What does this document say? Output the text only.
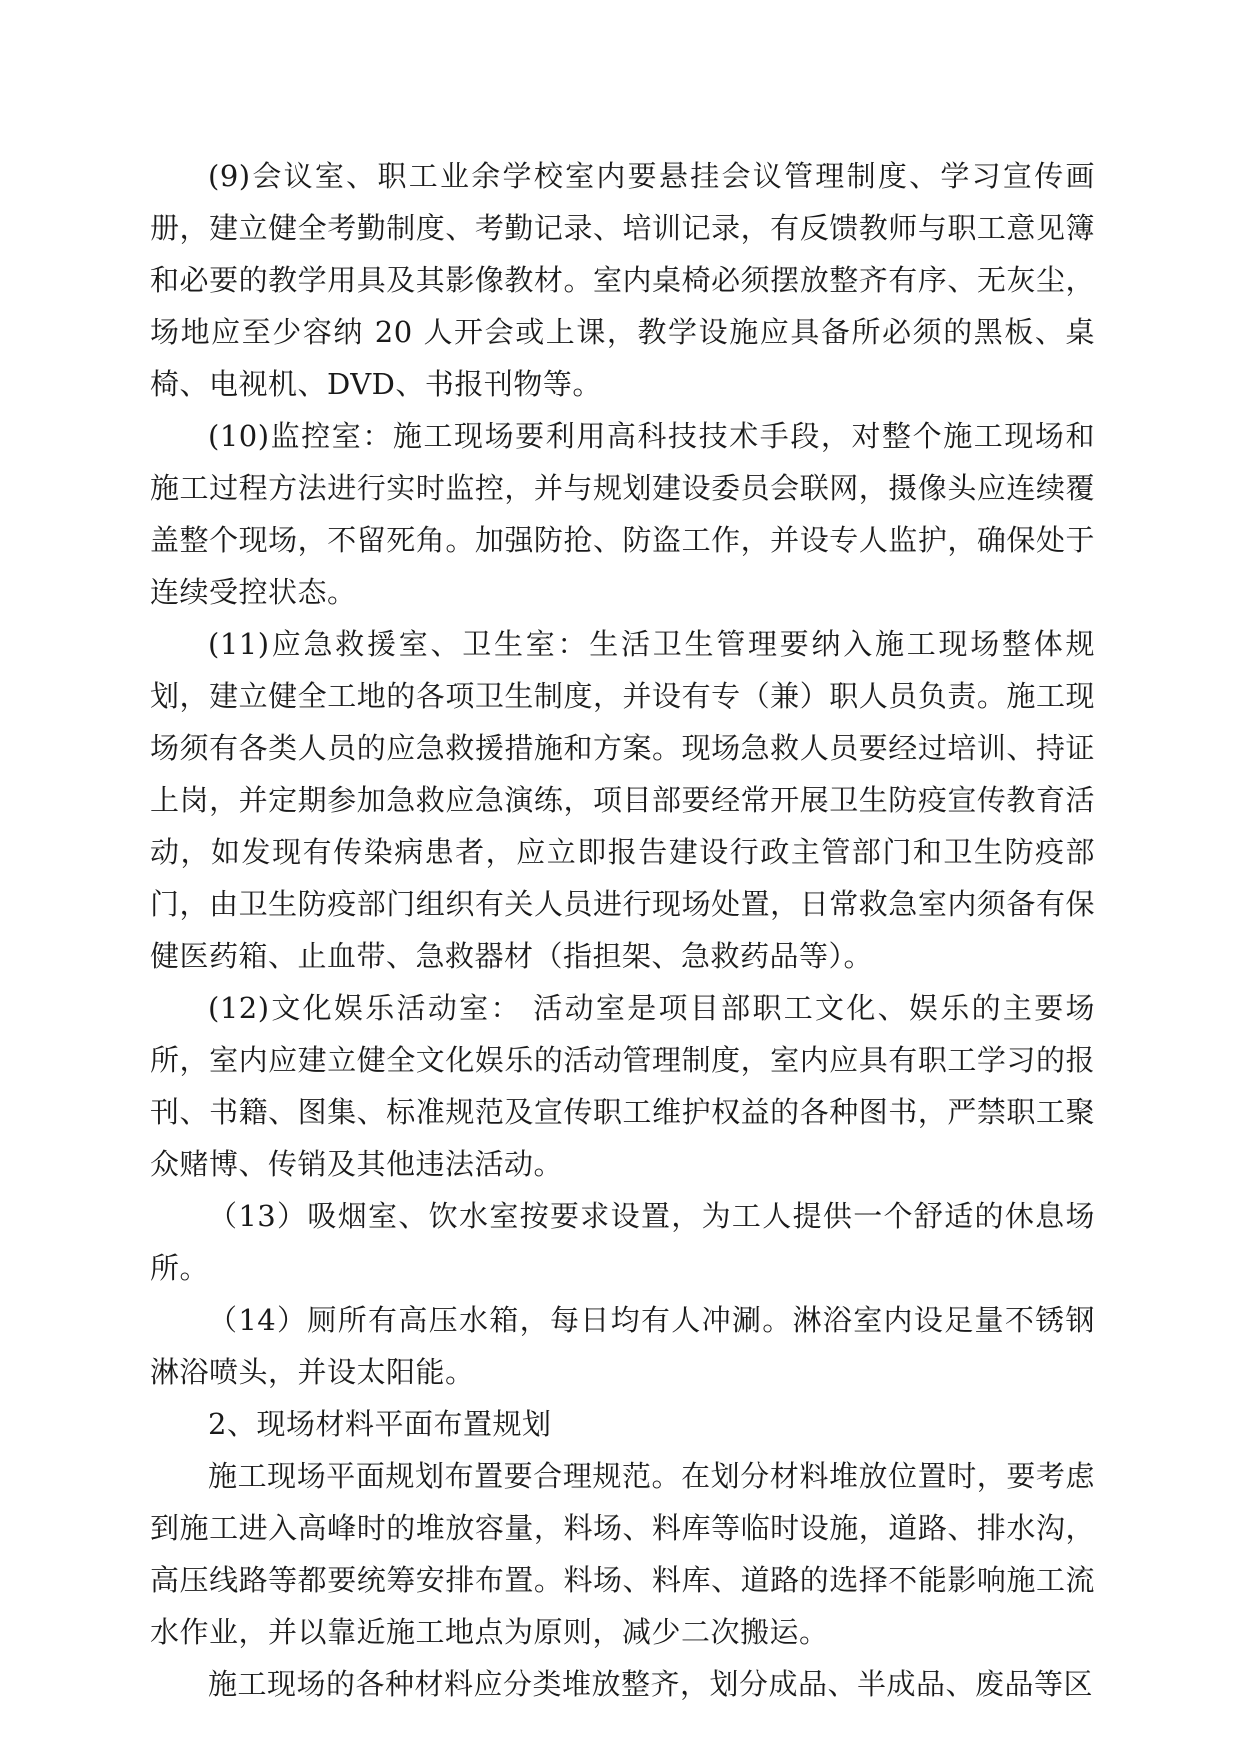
(9)会议室、职工业余学校室内要悬挂会议管理制度、学习宣传画册，建立健全考勤制度、考勤记录、培训记录，有反馈教师与职工意见簿和必要的教学用具及其影像教材。室内桌椅必须摆放整齐有序、无灰尘，场地应至少容纳 20 人开会或上课，教学设施应具备所必须的黑板、桌椅、电视机、DVD、书报刊物等。

(10)监控室：施工现场要利用高科技技术手段，对整个施工现场和施工过程方法进行实时监控，并与规划建设委员会联网，摄像头应连续覆盖整个现场，不留死角。加强防抢、防盗工作，并设专人监护，确保处于连续受控状态。

(11)应急救援室、卫生室：生活卫生管理要纳入施工现场整体规划，建立健全工地的各项卫生制度，并设有专（兼）职人员负责。施工现场须有各类人员的应急救援措施和方案。现场急救人员要经过培训、持证上岗，并定期参加急救应急演练，项目部要经常开展卫生防疫宣传教育活动，如发现有传染病患者，应立即报告建设行政主管部门和卫生防疫部门，由卫生防疫部门组织有关人员进行现场处置，日常救急室内须备有保健医药箱、止血带、急救器材（指担架、急救药品等）。

(12)文化娱乐活动室： 活动室是项目部职工文化、娱乐的主要场所，室内应建立健全文化娱乐的活动管理制度，室内应具有职工学习的报刊、书籍、图集、标准规范及宣传职工维护权益的各种图书，严禁职工聚众赌博、传销及其他违法活动。

（13）吸烟室、饮水室按要求设置，为工人提供一个舒适的休息场所。

（14）厕所有高压水箱，每日均有人冲涮。淋浴室内设足量不锈钢淋浴喷头，并设太阳能。

2、现场材料平面布置规划

施工现场平面规划布置要合理规范。在划分材料堆放位置时，要考虑到施工进入高峰时的堆放容量，料场、料库等临时设施，道路、排水沟，高压线路等都要统筹安排布置。料场、料库、道路的选择不能影响施工流水作业，并以靠近施工地点为原则，减少二次搬运。

施工现场的各种材料应分类堆放整齐，划分成品、半成品、废品等区
